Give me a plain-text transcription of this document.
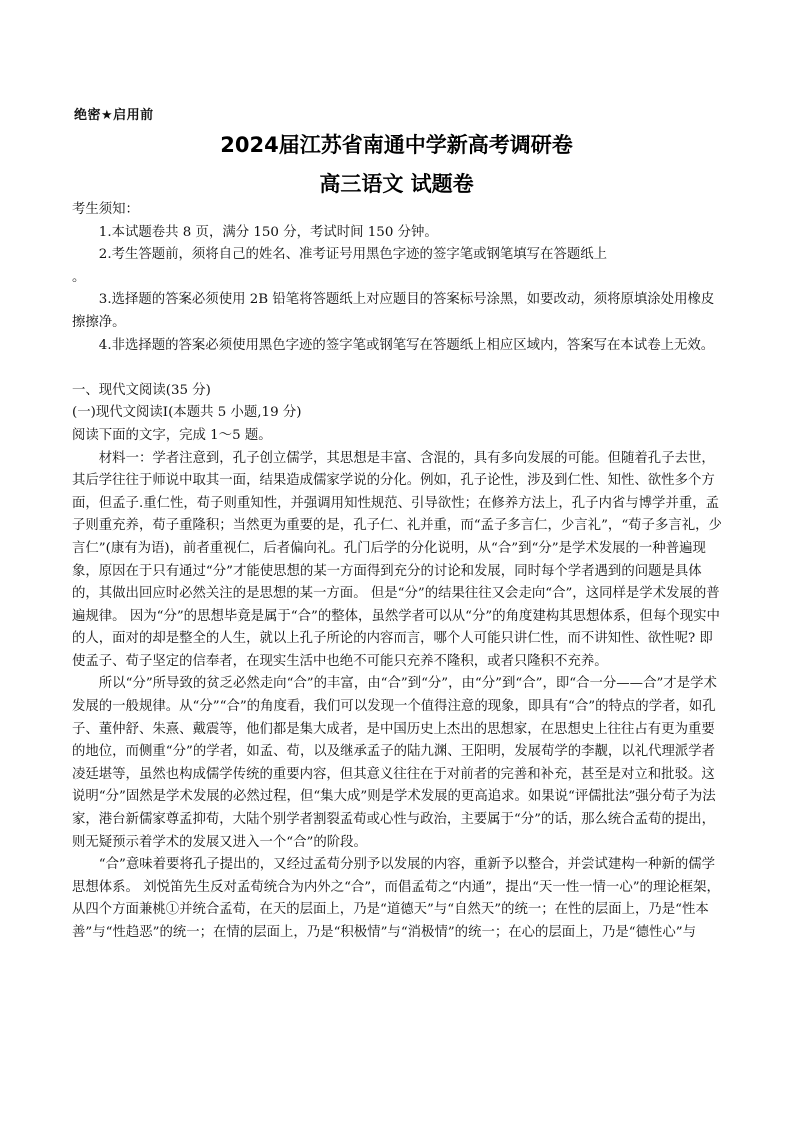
绝密★启用前
2024届江苏省南通中学新高考调研卷
高三语文 试题卷

考生须知：

1.本试题卷共 8 页，满分 150 分，考试时间 150 分钟。

2.考生答题前，须将自己的姓名、准考证号用黑色字迹的签字笔或钢笔填写在答题纸上

。

3.选择题的答案必须使用 2B 铅笔将答题纸上对应题目的答案标号涂黑，如要改动，须将原填涂处用橡皮擦擦净。

4.非选择题的答案必须使用黑色字迹的签字笔或钢笔写在答题纸上相应区域内，答案写在本试卷上无效。

一、现代文阅读(35 分)

(一)现代文阅读Ⅰ(本题共 5 小题,19 分)

阅读下面的文字，完成 1～5 题。

材料一：学者注意到，孔子创立儒学，其思想是丰富、含混的，具有多向发展的可能。但随着孔子去世，其后学往往于师说中取其一面，结果造成儒家学说的分化。例如，孔子论性，涉及到仁性、知性、欲性多个方面，但孟子.重仁性，荀子则重知性，并强调用知性规范、引导欲性；在修养方法上，孔子内省与博学并重，孟子则重充养，荀子重隆积；当然更为重要的是，孔子仁、礼并重，而“孟子多言仁，少言礼”，“荀子多言礼，少言仁”(康有为语)，前者重视仁，后者偏向礼。孔门后学的分化说明，从“合”到“分”是学术发展的一种普遍现象，原因在于只有通过“分”才能使思想的某一方面得到充分的讨论和发展，同时每个学者遇到的问题是具体的，其做出回应时必然关注的是思想的某一方面。 但是“分”的结果往往又会走向“合”，这同样是学术发展的普遍规律。 因为“分”的思想毕竟是属于“合”的整体，虽然学者可以从“分”的角度建构其思想体系，但每个现实中的人，面对的却是整全的人生，就以上孔子所论的内容而言，哪个人可能只讲仁性，而不讲知性、欲性呢? 即使孟子、荀子坚定的信奉者，在现实生活中也绝不可能只充养不隆积，或者只隆积不充养。

所以“分”所导致的贫乏必然走向“合”的丰富，由“合”到“分”，由“分”到“合”，即“合一分——合”才是学术发展的一般规律。从“分”“合”的角度看，我们可以发现一个值得注意的现象，即具有“合”的特点的学者，如孔子、董仲舒、朱熹、戴震等，他们都是集大成者，是中国历史上杰出的思想家，在思想史上往往占有更为重要的地位，而侧重“分”的学者，如孟、荀，以及继承孟子的陆九渊、王阳明，发展荀学的李觏，以礼代理派学者凌廷堪等，虽然也构成儒学传统的重要内容，但其意义往往在于对前者的完善和补充，甚至是对立和批驳。这说明“分”固然是学术发展的必然过程，但“集大成”则是学术发展的更高追求。如果说“评儒批法”强分荀子为法家，港台新儒家尊孟抑荀，大陆个别学者割裂孟荀或心性与政治，主要属于“分”的话，那么统合孟荀的提出，则无疑预示着学术的发展又进入一个“合”的阶段。

“合”意味着要将孔子提出的，又经过孟荀分别予以发展的内容，重新予以整合，并尝试建构一种新的儒学思想体系。 刘悦笛先生反对孟荀统合为内外之“合”，而倡孟荀之“内通”，提出“天一性一情一心”的理论框架，从四个方面兼桃①并统合孟荀，在天的层面上，乃是“道德天”与“自然天”的统一；在性的层面上，乃是“性本善”与“性趋恶”的统一；在情的层面上，乃是“积极情”与“消极情”的统一；在心的层面上，乃是“德性心”与
